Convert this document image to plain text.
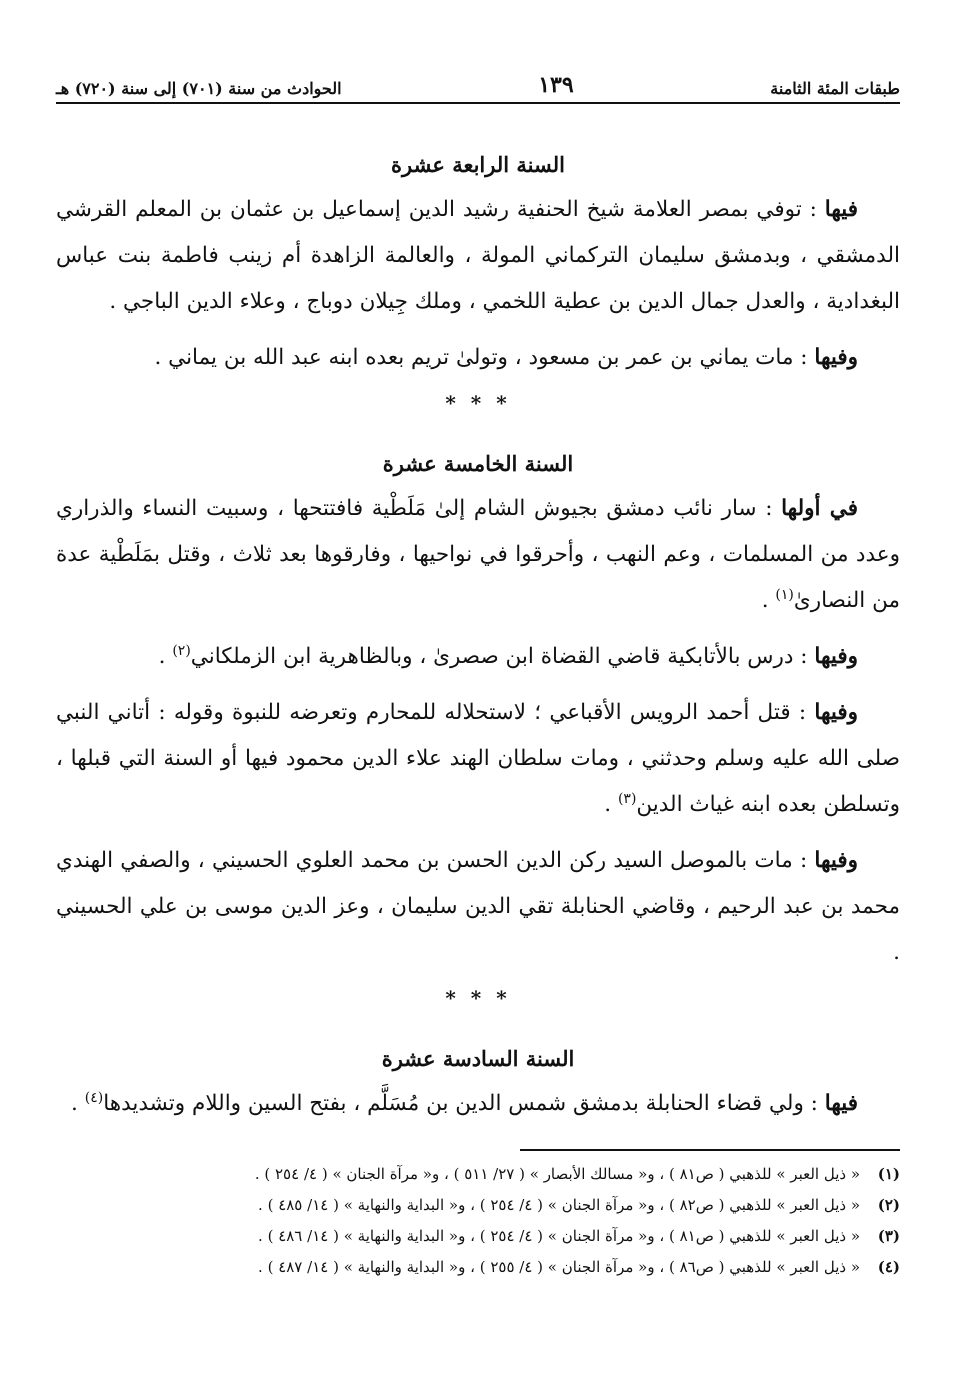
طبقات المئة الثامنة
١٣٩
الحوادث من سنة (٧٠١) إلى سنة (٧٢٠) هـ
السنة الرابعة عشرة

فيها : توفي بمصر العلامة شيخ الحنفية رشيد الدين إسماعيل بن عثمان بن المعلم القرشي الدمشقي ، وبدمشق سليمان التركماني المولة ، والعالمة الزاهدة أم زينب فاطمة بنت عباس البغدادية ، والعدل جمال الدين بن عطية اللخمي ، وملك جِيلان دوباج ، وعلاء الدين الباجي .

وفيها : مات يماني بن عمر بن مسعود ، وتولىٰ تريم بعده ابنه عبد الله بن يماني .

* * *
السنة الخامسة عشرة

في أولها : سار نائب دمشق بجيوش الشام إلىٰ مَلَطْية فافتتحها ، وسبيت النساء والذراري وعدد من المسلمات ، وعم النهب ، وأحرقوا في نواحيها ، وفارقوها بعد ثلاث ، وقتل بمَلَطْية عدة من النصارىٰ$^{(١)}$ .

وفيها : درس بالأتابكية قاضي القضاة ابن صصرىٰ ، وبالظاهرية ابن الزملكاني$^{(٢)}$ .

وفيها : قتل أحمد الرويس الأقباعي ؛ لاستحلاله للمحارم وتعرضه للنبوة وقوله : أتاني النبي صلى الله عليه وسلم وحدثني ، ومات سلطان الهند علاء الدين محمود فيها أو السنة التي قبلها ، وتسلطن بعده ابنه غياث الدين$^{(٣)}$ .

وفيها : مات بالموصل السيد ركن الدين الحسن بن محمد العلوي الحسيني ، والصفي الهندي محمد بن عبد الرحيم ، وقاضي الحنابلة تقي الدين سليمان ، وعز الدين موسى بن علي الحسيني .

* * *
السنة السادسة عشرة

فيها : ولي قضاء الحنابلة بدمشق شمس الدين بن مُسَلَّم ، بفتح السين واللام وتشديدها$^{(٤)}$ .

(١)
« ذيل العبر » للذهبي ( ص٨١ ) ، و« مسالك الأبصار » ( ٢٧/ ٥١١ ) ، و« مرآة الجنان » ( ٤/ ٢٥٤ ) .
(٢)
« ذيل العبر » للذهبي ( ص٨٢ ) ، و« مرآة الجنان » ( ٤/ ٢٥٤ ) ، و« البداية والنهاية » ( ١٤/ ٤٨٥ ) .
(٣)
« ذيل العبر » للذهبي ( ص٨١ ) ، و« مرآة الجنان » ( ٤/ ٢٥٤ ) ، و« البداية والنهاية » ( ١٤/ ٤٨٦ ) .
(٤)
« ذيل العبر » للذهبي ( ص٨٦ ) ، و« مرآة الجنان » ( ٤/ ٢٥٥ ) ، و« البداية والنهاية » ( ١٤/ ٤٨٧ ) .
